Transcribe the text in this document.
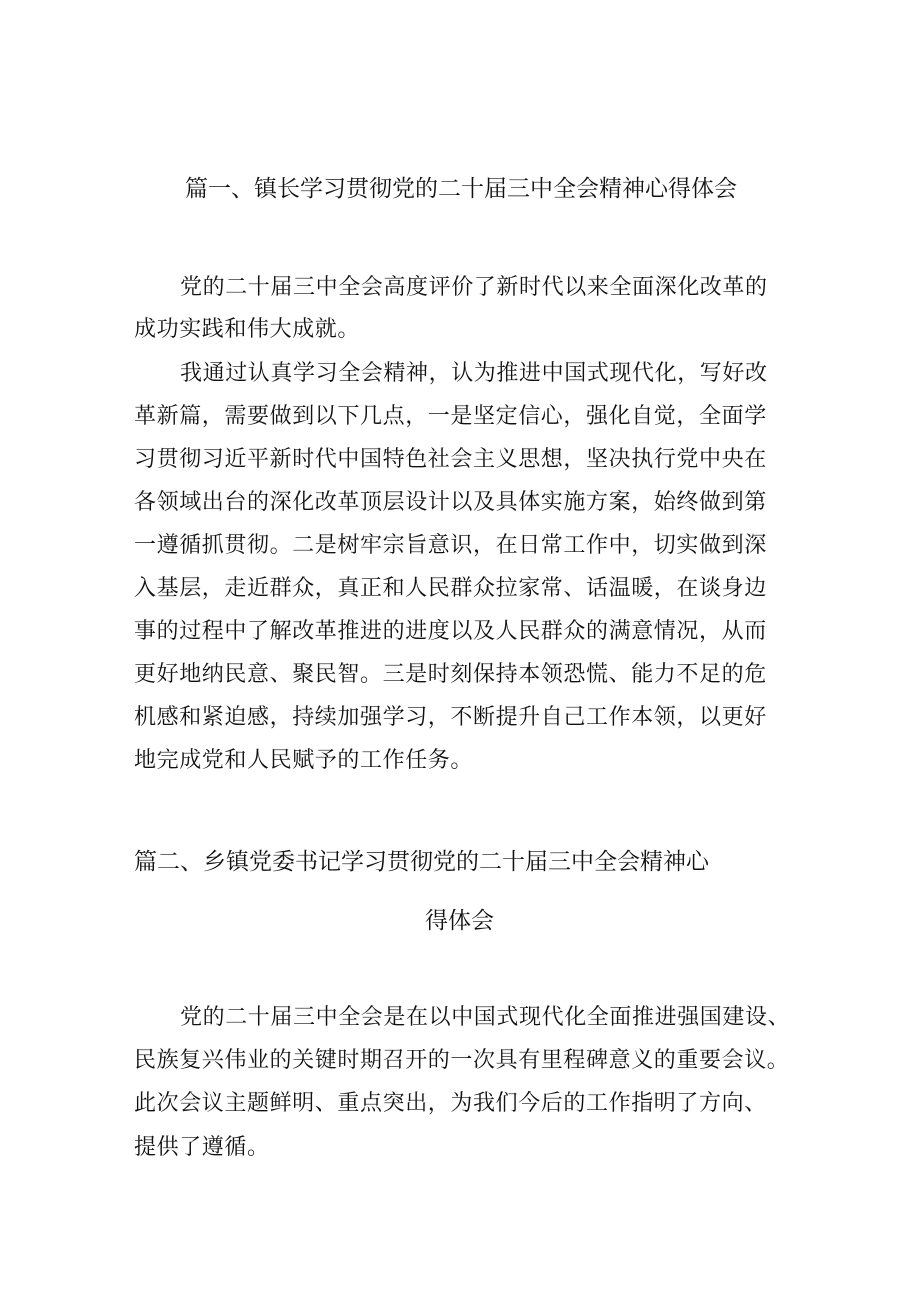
篇一、镇长学习贯彻党的二十届三中全会精神心得体会
党的二十届三中全会高度评价了新时代以来全面深化改革的
成功实践和伟大成就。
我通过认真学习全会精神，认为推进中国式现代化，写好改
革新篇，需要做到以下几点，一是坚定信心，强化自觉，全面学
习贯彻习近平新时代中国特色社会主义思想，坚决执行党中央在
各领域出台的深化改革顶层设计以及具体实施方案，始终做到第
一遵循抓贯彻。二是树牢宗旨意识，在日常工作中，切实做到深
入基层，走近群众，真正和人民群众拉家常、话温暖，在谈身边
事的过程中了解改革推进的进度以及人民群众的满意情况，从而
更好地纳民意、聚民智。三是时刻保持本领恐慌、能力不足的危
机感和紧迫感，持续加强学习，不断提升自己工作本领，以更好
地完成党和人民赋予的工作任务。
篇二、乡镇党委书记学习贯彻党的二十届三中全会精神心
得体会
党的二十届三中全会是在以中国式现代化全面推进强国建设、
民族复兴伟业的关键时期召开的一次具有里程碑意义的重要会议。
此次会议主题鲜明、重点突出，为我们今后的工作指明了方向、
提供了遵循。
